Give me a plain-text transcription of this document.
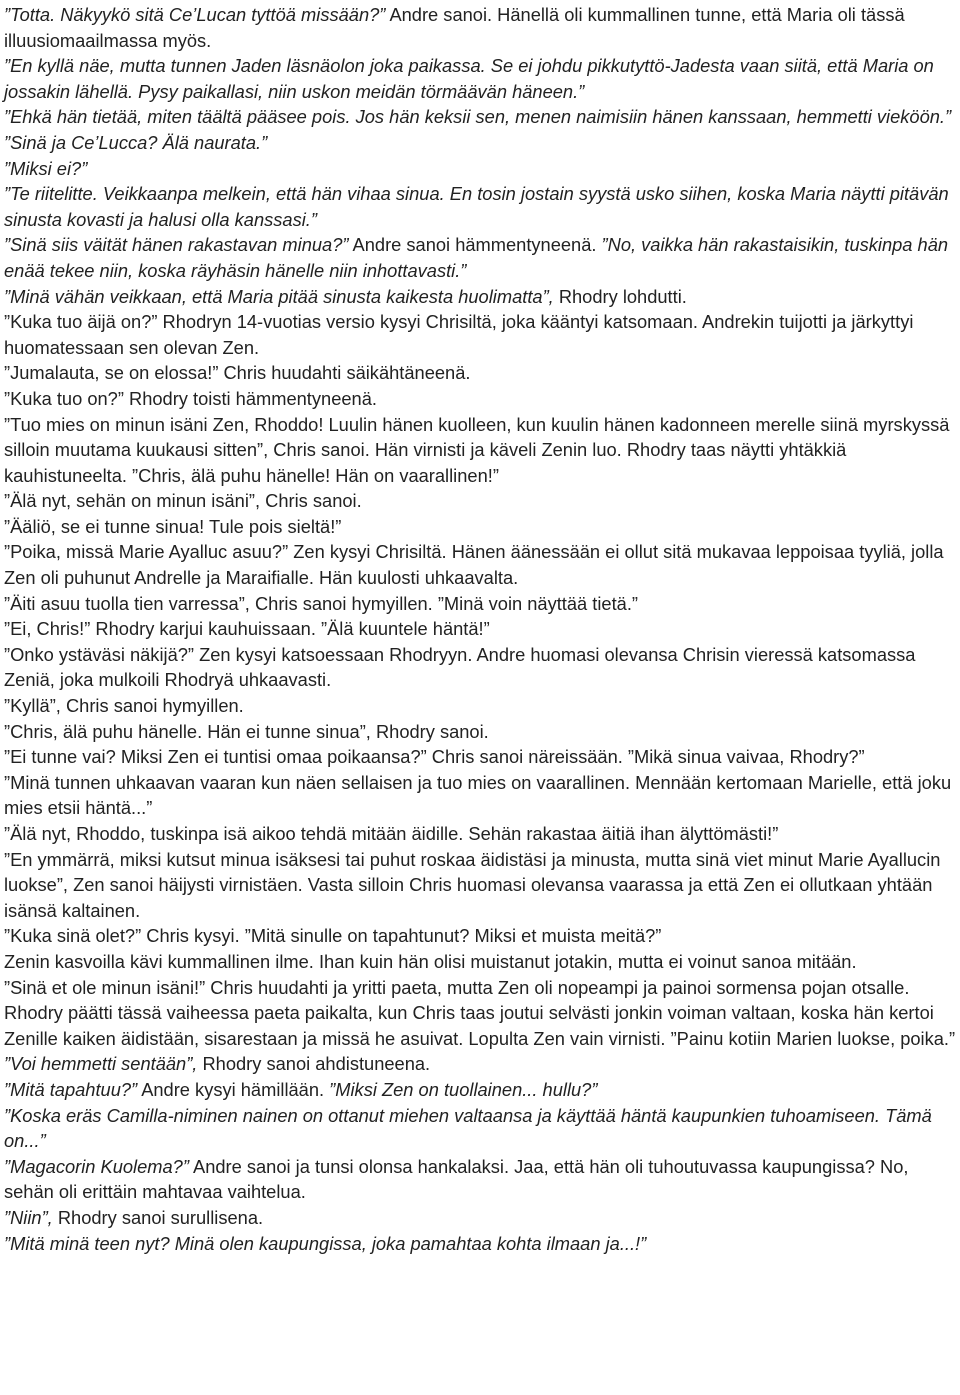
”Totta. Näkyykö sitä Ce’Lucan tyttöä missään?” Andre sanoi. Hänellä oli kummallinen tunne, että Maria oli tässä illuusiomaailmassa myös.

”En kyllä näe, mutta tunnen Jaden läsnäolon joka paikassa. Se ei johdu pikkutyttö-Jadesta vaan siitä, että Maria on jossakin lähellä. Pysy paikallasi, niin uskon meidän törmäävän häneen.”

”Ehkä hän tietää, miten täältä pääsee pois. Jos hän keksii sen, menen naimisiin hänen kanssaan, hemmetti vieköön.”

”Sinä ja Ce’Lucca? Älä naurata.”

”Miksi ei?”

”Te riitelitte. Veikkaanpa melkein, että hän vihaa sinua. En tosin jostain syystä usko siihen, koska Maria näytti pitävän sinusta kovasti ja halusi olla kanssasi.”

”Sinä siis väität hänen rakastavan minua?” Andre sanoi hämmentyneenä. ”No, vaikka hän rakastaisikin, tuskinpa hän enää tekee niin, koska räyhäsin hänelle niin inhottavasti.”

”Minä vähän veikkaan, että Maria pitää sinusta kaikesta huolimatta”, Rhodry lohdutti.

”Kuka tuo äijä on?” Rhodryn 14-vuotias versio kysyi Chrisiltä, joka kääntyi katsomaan. Andrekin tuijotti ja järkyttyi huomatessaan sen olevan Zen.

”Jumalauta, se on elossa!” Chris huudahti säikähtäneenä.

”Kuka tuo on?” Rhodry toisti hämmentyneenä.

”Tuo mies on minun isäni Zen, Rhoddo! Luulin hänen kuolleen, kun kuulin hänen kadonneen merelle siinä myrskyssä silloin muutama kuukausi sitten”, Chris sanoi. Hän virnisti ja käveli Zenin luo. Rhodry taas näytti yhtäkkiä kauhistuneelta. ”Chris, älä puhu hänelle! Hän on vaarallinen!”

”Älä nyt, sehän on minun isäni”, Chris sanoi.

”Ääliö, se ei tunne sinua! Tule pois sieltä!”

”Poika, missä Marie Ayalluc asuu?” Zen kysyi Chrisiltä. Hänen äänessään ei ollut sitä mukavaa leppoisaa tyyliä, jolla Zen oli puhunut Andrelle ja Maraifialle. Hän kuulosti uhkaavalta.

”Äiti asuu tuolla tien varressa”, Chris sanoi hymyillen. ”Minä voin näyttää tietä.”

”Ei, Chris!” Rhodry karjui kauhuissaan. ”Älä kuuntele häntä!”

”Onko ystäväsi näkijä?” Zen kysyi katsoessaan Rhodryyn. Andre huomasi olevansa Chrisin vieressä katsomassa Zeniä, joka mulkoili Rhodryä uhkaavasti.

”Kyllä”, Chris sanoi hymyillen.

”Chris, älä puhu hänelle. Hän ei tunne sinua”, Rhodry sanoi.

”Ei tunne vai? Miksi Zen ei tuntisi omaa poikaansa?” Chris sanoi näreissään. ”Mikä sinua vaivaa, Rhodry?”

”Minä tunnen uhkaavan vaaran kun näen sellaisen ja tuo mies on vaarallinen. Mennään kertomaan Marielle, että joku mies etsii häntä...”

”Älä nyt, Rhoddo, tuskinpa isä aikoo tehdä mitään äidille. Sehän rakastaa äitiä ihan älyttömästi!”

”En ymmärrä, miksi kutsut minua isäksesi tai puhut roskaa äidistäsi ja minusta, mutta sinä viet minut Marie Ayallucin luokse”, Zen sanoi häijysti virnistäen. Vasta silloin Chris huomasi olevansa vaarassa ja että Zen ei ollutkaan yhtään isänsä kaltainen.

”Kuka sinä olet?” Chris kysyi. ”Mitä sinulle on tapahtunut? Miksi et muista meitä?”

Zenin kasvoilla kävi kummallinen ilme. Ihan kuin hän olisi muistanut jotakin, mutta ei voinut sanoa mitään.

”Sinä et ole minun isäni!” Chris huudahti ja yritti paeta, mutta Zen oli nopeampi ja painoi sormensa pojan otsalle. Rhodry päätti tässä vaiheessa paeta paikalta, kun Chris taas joutui selvästi jonkin voiman valtaan, koska hän kertoi Zenille kaiken äidistään, sisarestaan ja missä he asuivat. Lopulta Zen vain virnisti. ”Painu kotiin Marien luokse, poika.”

”Voi hemmetti sentään”, Rhodry sanoi ahdistuneena.

”Mitä tapahtuu?” Andre kysyi hämillään. ”Miksi Zen on tuollainen... hullu?”

”Koska eräs Camilla-niminen nainen on ottanut miehen valtaansa ja käyttää häntä kaupunkien tuhoamiseen. Tämä on...”

”Magacorin Kuolema?” Andre sanoi ja tunsi olonsa hankalaksi. Jaa, että hän oli tuhoutuvassa kaupungissa? No, sehän oli erittäin mahtavaa vaihtelua.

”Niin”, Rhodry sanoi surullisena.

”Mitä minä teen nyt? Minä olen kaupungissa, joka pamahtaa kohta ilmaan ja...!”
